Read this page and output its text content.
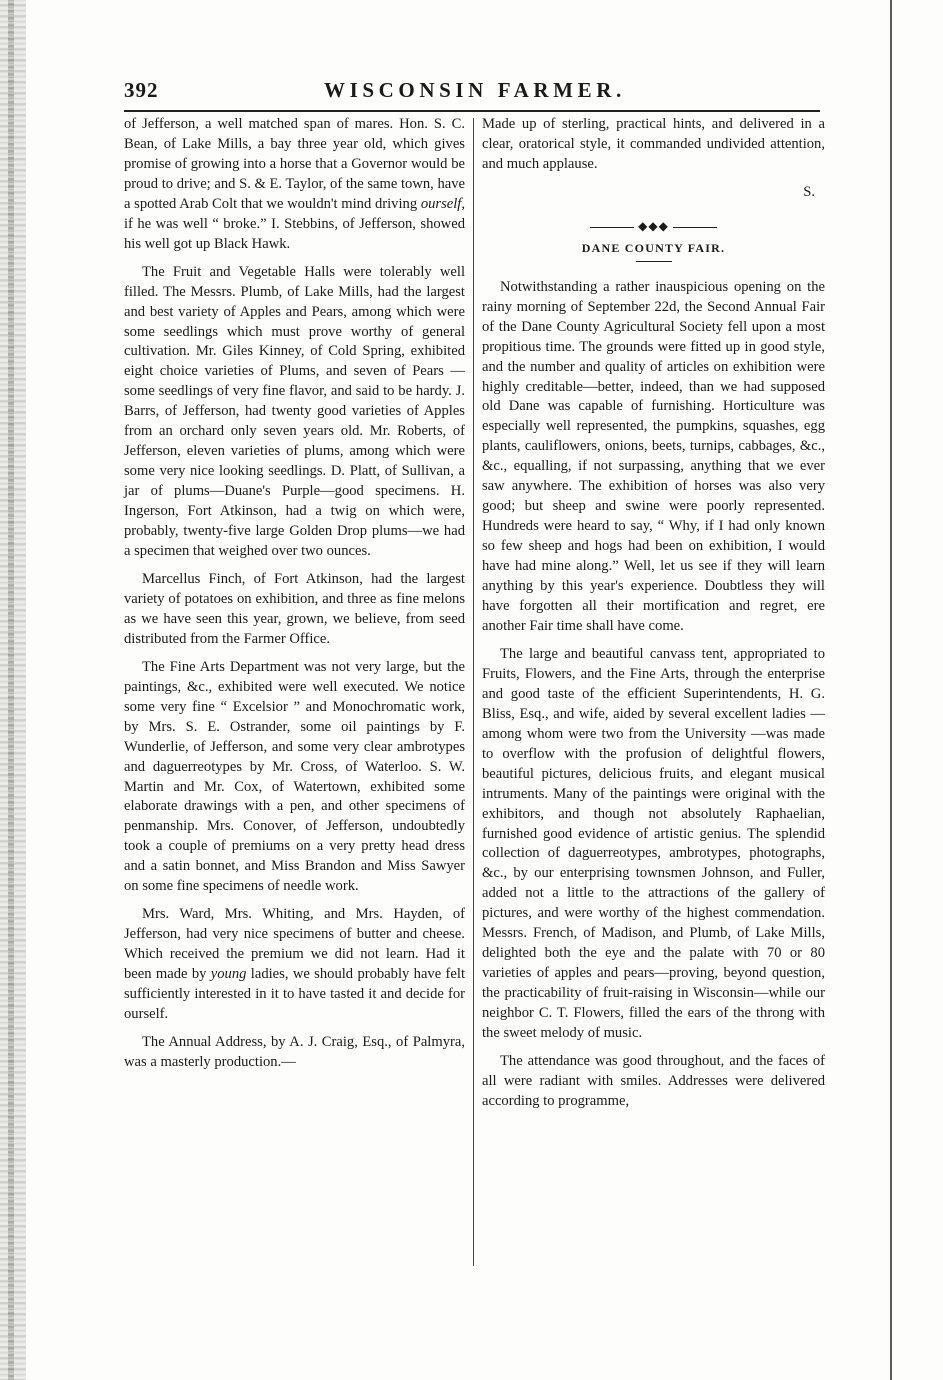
392	WISCONSIN FARMER.

of Jefferson, a well matched span of mares. Hon. S. C. Bean, of Lake Mills, a bay three year old, which gives promise of growing into a horse that a Governor would be proud to drive; and S. & E. Taylor, of the same town, have a spotted Arab Colt that we wouldn't mind driving ourself, if he was well “ broke.” I. Stebbins, of Jefferson, showed his well got up Black Hawk.

The Fruit and Vegetable Halls were tolerably well filled. The Messrs. Plumb, of Lake Mills, had the largest and best variety of Apples and Pears, among which were some seedlings which must prove worthy of general cultivation. Mr. Giles Kinney, of Cold Spring, exhibited eight choice varieties of Plums, and seven of Pears —some seedlings of very fine flavor, and said to be hardy. J. Barrs, of Jefferson, had twenty good varieties of Apples from an orchard only seven years old. Mr. Roberts, of Jefferson, eleven varieties of plums, among which were some very nice looking seedlings. D. Platt, of Sullivan, a jar of plums—Duane's Purple—good specimens. H. Ingerson, Fort Atkinson, had a twig on which were, probably, twenty-five large Golden Drop plums—we had a specimen that weighed over two ounces.

Marcellus Finch, of Fort Atkinson, had the largest variety of potatoes on exhibition, and three as fine melons as we have seen this year, grown, we believe, from seed distributed from the Farmer Office.

The Fine Arts Department was not very large, but the paintings, &c., exhibited were well executed. We notice some very fine “ Excelsior ” and Monochromatic work, by Mrs. S. E. Ostrander, some oil paintings by F. Wunderlie, of Jefferson, and some very clear ambrotypes and daguerreotypes by Mr. Cross, of Waterloo. S. W. Martin and Mr. Cox, of Watertown, exhibited some elaborate drawings with a pen, and other specimens of penmanship. Mrs. Conover, of Jefferson, undoubtedly took a couple of premiums on a very pretty head dress and a satin bonnet, and Miss Brandon and Miss Sawyer on some fine specimens of needle work.

Mrs. Ward, Mrs. Whiting, and Mrs. Hayden, of Jefferson, had very nice specimens of butter and cheese. Which received the premium we did not learn. Had it been made by young ladies, we should probably have felt sufficiently interested in it to have tasted it and decide for ourself.

The Annual Address, by A. J. Craig, Esq., of Palmyra, was a masterly production.—

Made up of sterling, practical hints, and delivered in a clear, oratorical style, it commanded undivided attention, and much applause.

S.

◆◆◆
DANE COUNTY FAIR.

Notwithstanding a rather inauspicious opening on the rainy morning of September 22d, the Second Annual Fair of the Dane County Agricultural Society fell upon a most propitious time. The grounds were fitted up in good style, and the number and quality of articles on exhibition were highly creditable—better, indeed, than we had supposed old Dane was capable of furnishing. Horticulture was especially well represented, the pumpkins, squashes, egg plants, cauliflowers, onions, beets, turnips, cabbages, &c., &c., equalling, if not surpassing, anything that we ever saw anywhere. The exhibition of horses was also very good; but sheep and swine were poorly represented. Hundreds were heard to say, “ Why, if I had only known so few sheep and hogs had been on exhibition, I would have had mine along.” Well, let us see if they will learn anything by this year's experience. Doubtless they will have forgotten all their mortification and regret, ere another Fair time shall have come.

The large and beautiful canvass tent, appropriated to Fruits, Flowers, and the Fine Arts, through the enterprise and good taste of the efficient Superintendents, H. G. Bliss, Esq., and wife, aided by several excellent ladies —among whom were two from the University —was made to overflow with the profusion of delightful flowers, beautiful pictures, delicious fruits, and elegant musical intruments. Many of the paintings were original with the exhibitors, and though not absolutely Raphaelian, furnished good evidence of artistic genius. The splendid collection of daguerreotypes, ambrotypes, photographs, &c., by our enterprising townsmen Johnson, and Fuller, added not a little to the attractions of the gallery of pictures, and were worthy of the highest commendation. Messrs. French, of Madison, and Plumb, of Lake Mills, delighted both the eye and the palate with 70 or 80 varieties of apples and pears—proving, beyond question, the practicability of fruit-raising in Wisconsin—while our neighbor C. T. Flowers, filled the ears of the throng with the sweet melody of music.

The attendance was good throughout, and the faces of all were radiant with smiles. Addresses were delivered according to programme,
